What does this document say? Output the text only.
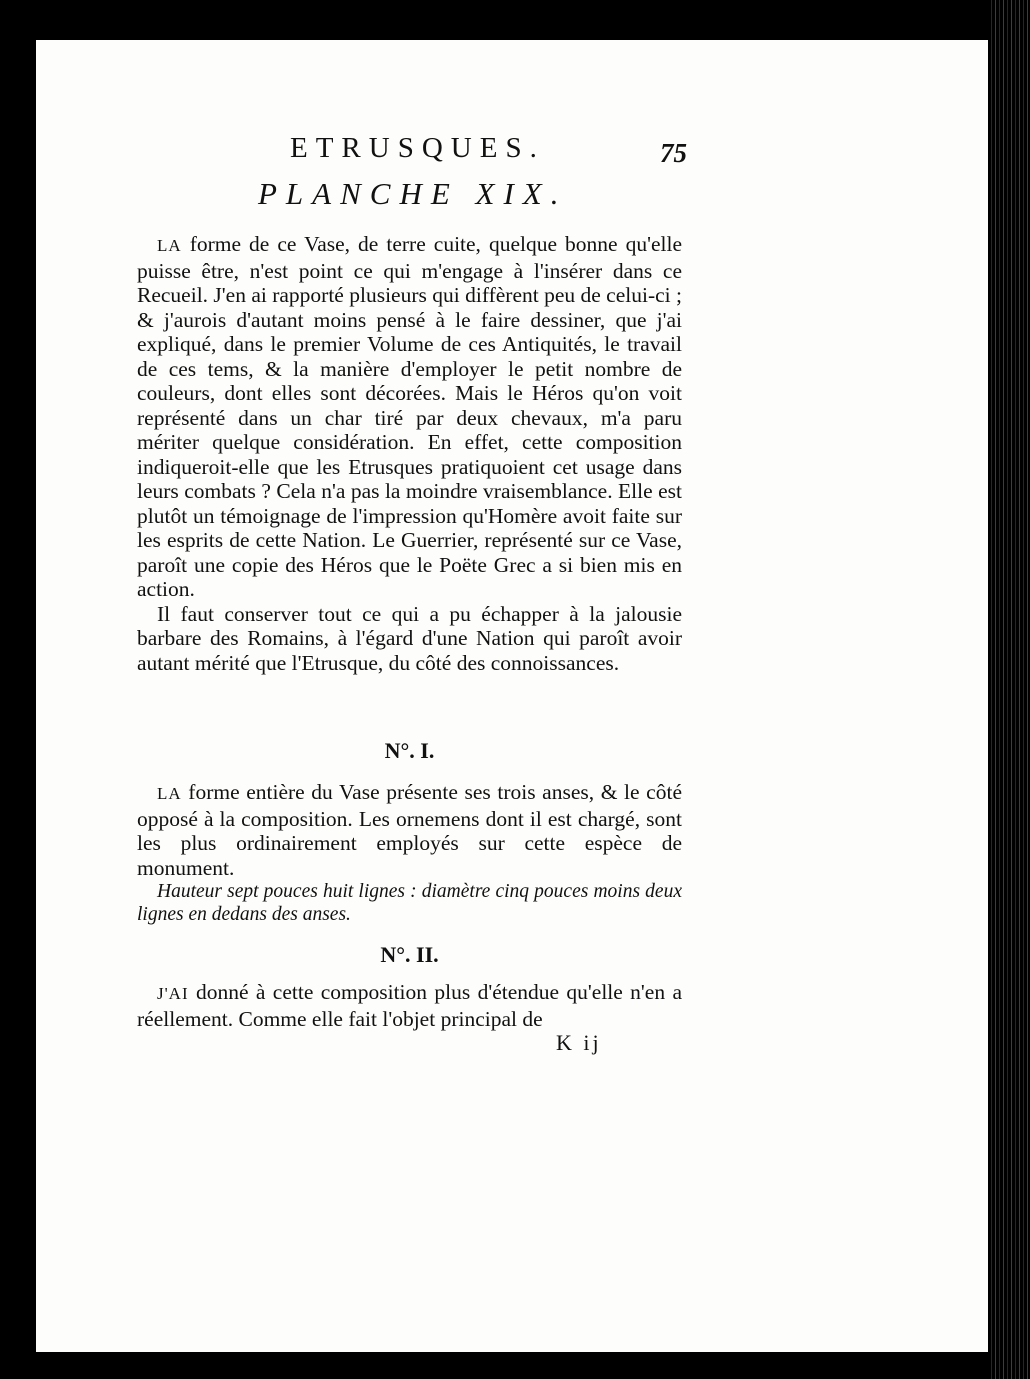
ETRUSQUES.	75
PLANCHE XIX.

LA forme de ce Vase, de terre cuite, quelque bonne qu'elle puisse être, n'est point ce qui m'engage à l'insérer dans ce Recueil. J'en ai rapporté plusieurs qui diffèrent peu de celui-ci ; & j'aurois d'autant moins pensé à le faire dessiner, que j'ai expliqué, dans le premier Volume de ces Antiquités, le travail de ces tems, & la manière d'employer le petit nombre de couleurs, dont elles sont décorées. Mais le Héros qu'on voit représenté dans un char tiré par deux chevaux, m'a paru mériter quelque considération. En effet, cette composition indiqueroit-elle que les Etrusques pratiquoient cet usage dans leurs combats ? Cela n'a pas la moindre vraisemblance. Elle est plutôt un témoignage de l'impression qu'Homère avoit faite sur les esprits de cette Nation. Le Guerrier, représenté sur ce Vase, paroît une copie des Héros que le Poëte Grec a si bien mis en action.

Il faut conserver tout ce qui a pu échapper à la jalousie barbare des Romains, à l'égard d'une Nation qui paroît avoir autant mérité que l'Etrusque, du côté des connoissances.

N°. I.

LA forme entière du Vase présente ses trois anses, & le côté opposé à la composition. Les ornemens dont il est chargé, sont les plus ordinairement employés sur cette espèce de monument.

Hauteur sept pouces huit lignes : diamètre cinq pouces moins deux lignes en dedans des anses.

N°. II.

J'AI donné à cette composition plus d'étendue qu'elle n'en a réellement. Comme elle fait l'objet principal de

K ij
